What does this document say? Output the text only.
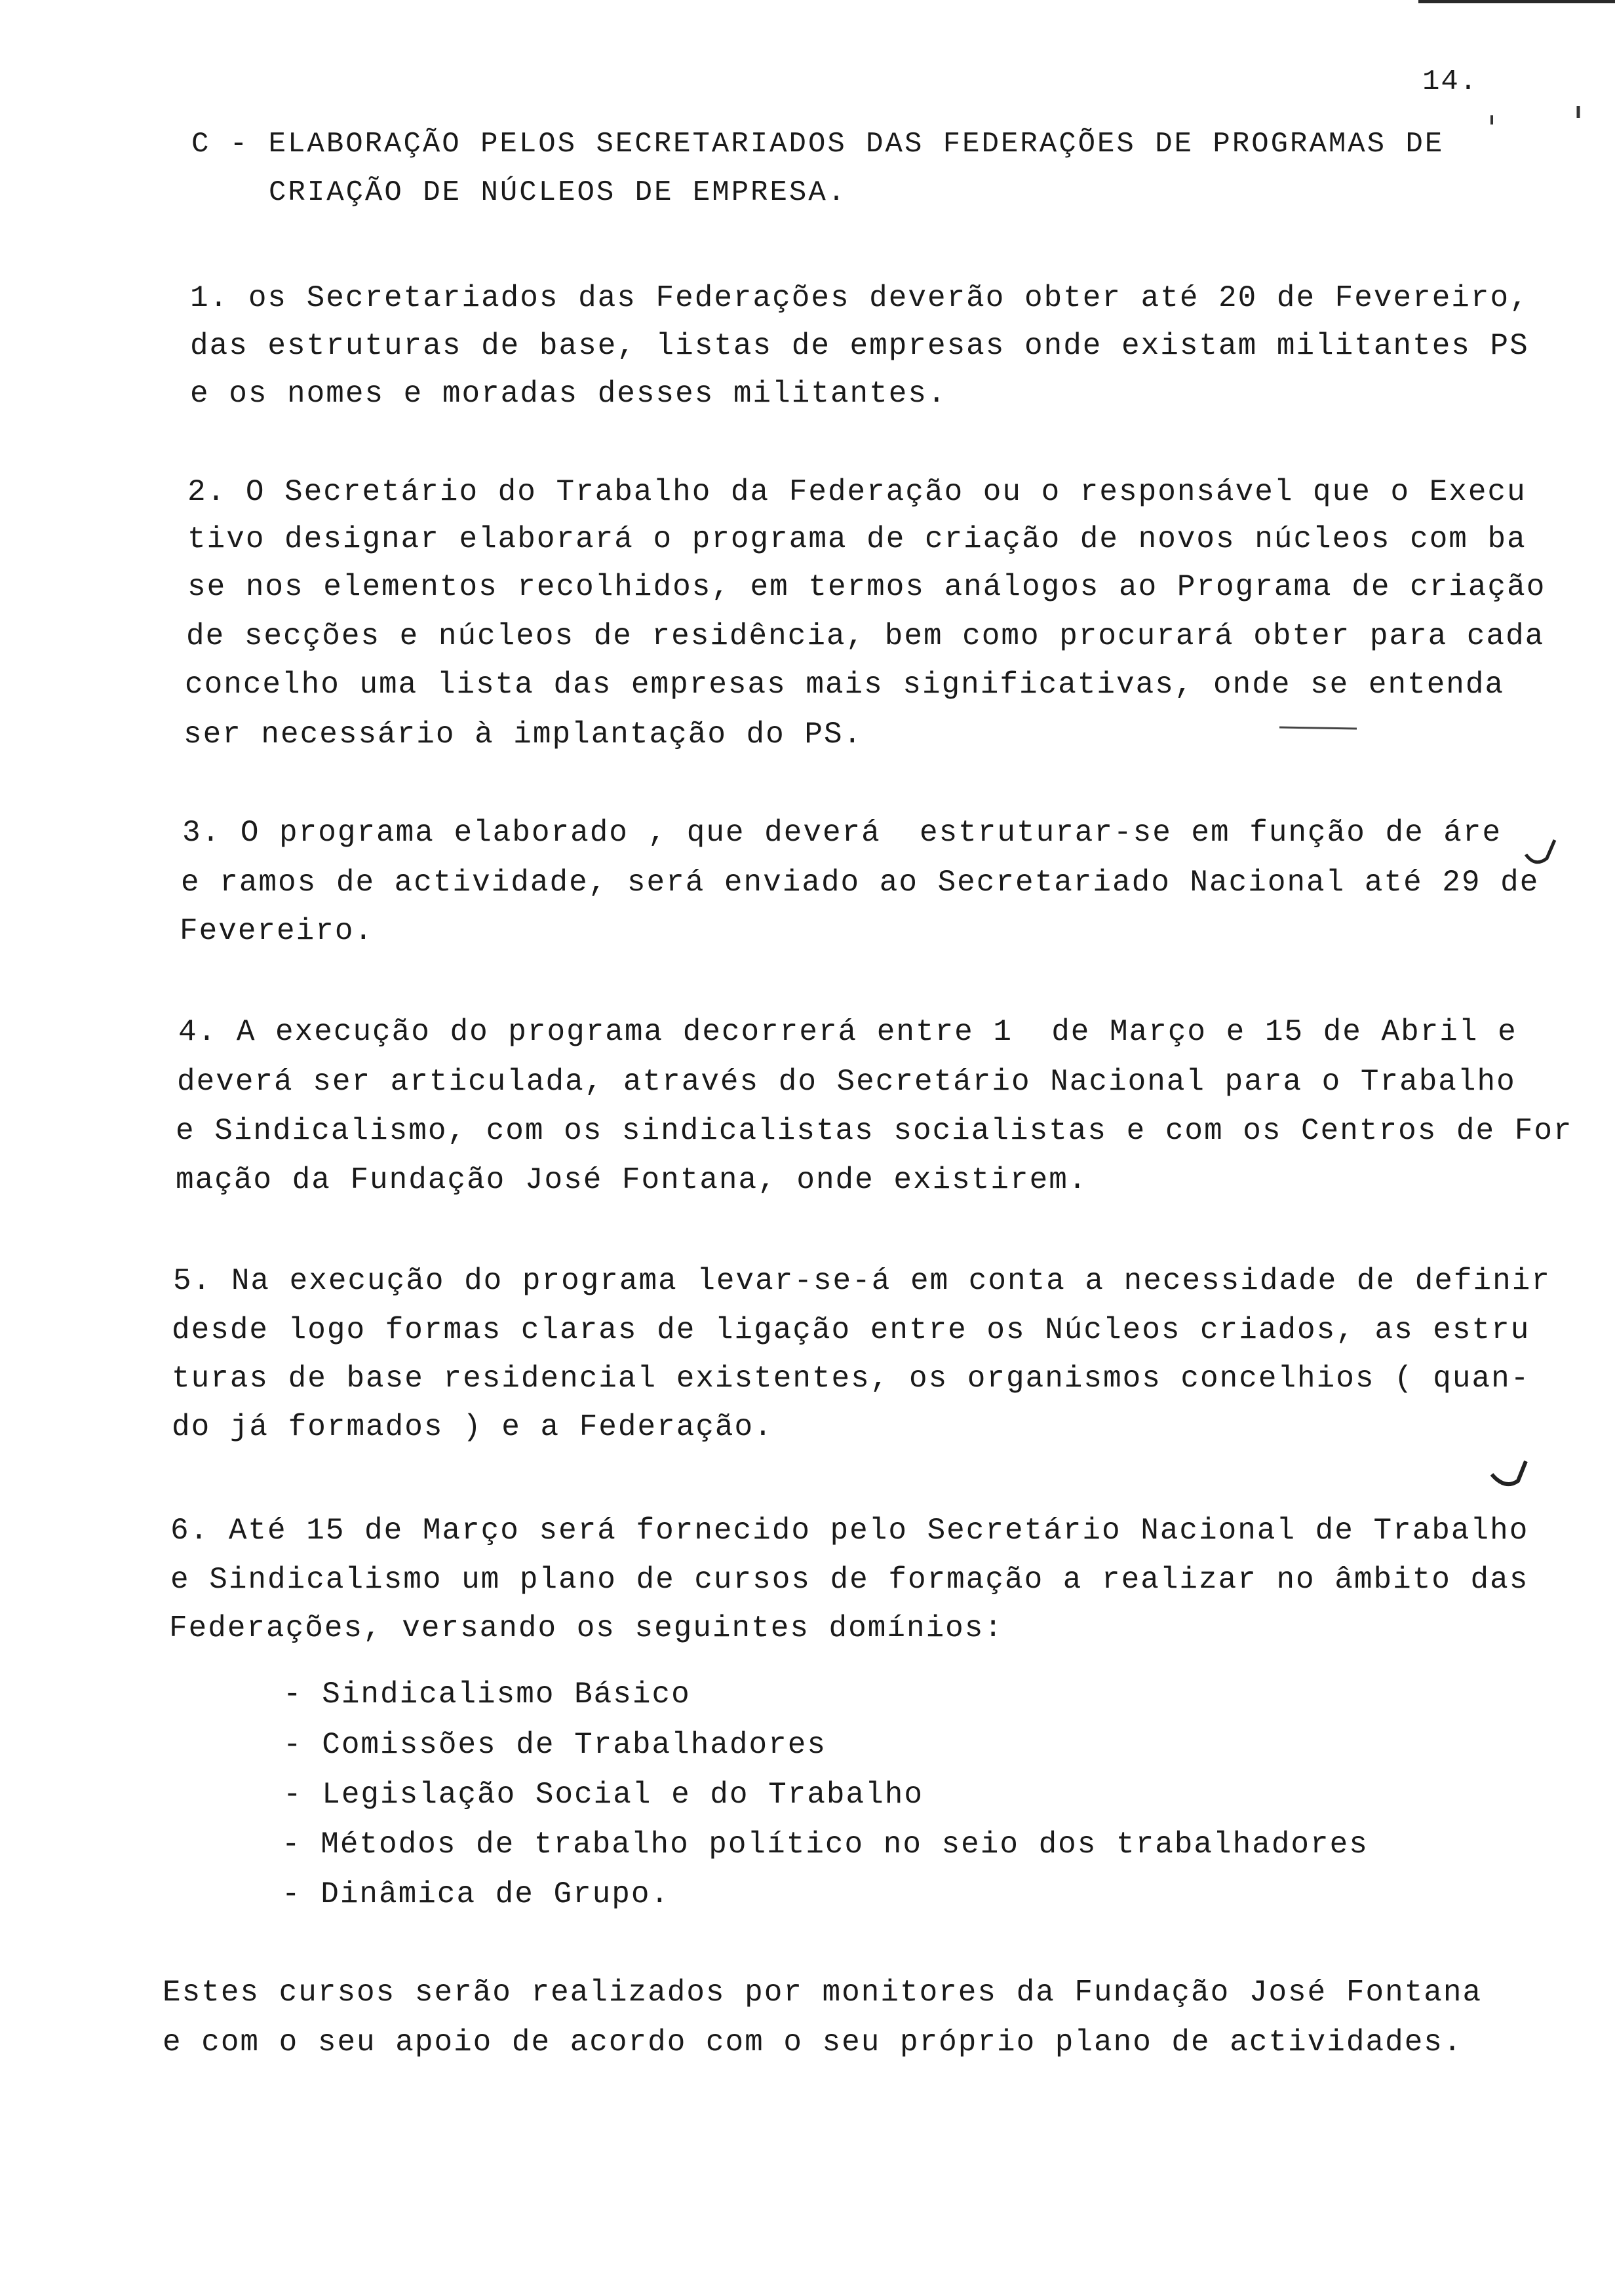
14.
C - ELABORAÇÃO PELOS SECRETARIADOS DAS FEDERAÇÕES DE PROGRAMAS DE
CRIAÇÃO DE NÚCLEOS DE EMPRESA.
1. os Secretariados das Federações deverão obter até 20 de Fevereiro,
das estruturas de base, listas de empresas onde existam militantes PS
e os nomes e moradas desses militantes.
2. O Secretário do Trabalho da Federação ou o responsável que o Execu
tivo designar elaborará o programa de criação de novos núcleos com ba
se nos elementos recolhidos, em termos análogos ao Programa de criação
de secções e núcleos de residência, bem como procurará obter para cada
concelho uma lista das empresas mais significativas, onde se entenda
ser necessário à implantação do PS.
3. O programa elaborado , que deverá  estruturar-se em função de áre
e ramos de actividade, será enviado ao Secretariado Nacional até 29 de
Fevereiro.
4. A execução do programa decorrerá entre 1  de Março e 15 de Abril e
deverá ser articulada, através do Secretário Nacional para o Trabalho
e Sindicalismo, com os sindicalistas socialistas e com os Centros de For
mação da Fundação José Fontana, onde existirem.
5. Na execução do programa levar-se-á em conta a necessidade de definir
desde logo formas claras de ligação entre os Núcleos criados, as estru
turas de base residencial existentes, os organismos concelhios ( quan-
do já formados ) e a Federação.
6. Até 15 de Março será fornecido pelo Secretário Nacional de Trabalho
e Sindicalismo um plano de cursos de formação a realizar no âmbito das
Federações, versando os seguintes domínios:
- Sindicalismo Básico
- Comissões de Trabalhadores
- Legislação Social e do Trabalho
- Métodos de trabalho político no seio dos trabalhadores
- Dinâmica de Grupo.
Estes cursos serão realizados por monitores da Fundação José Fontana
e com o seu apoio de acordo com o seu próprio plano de actividades.
